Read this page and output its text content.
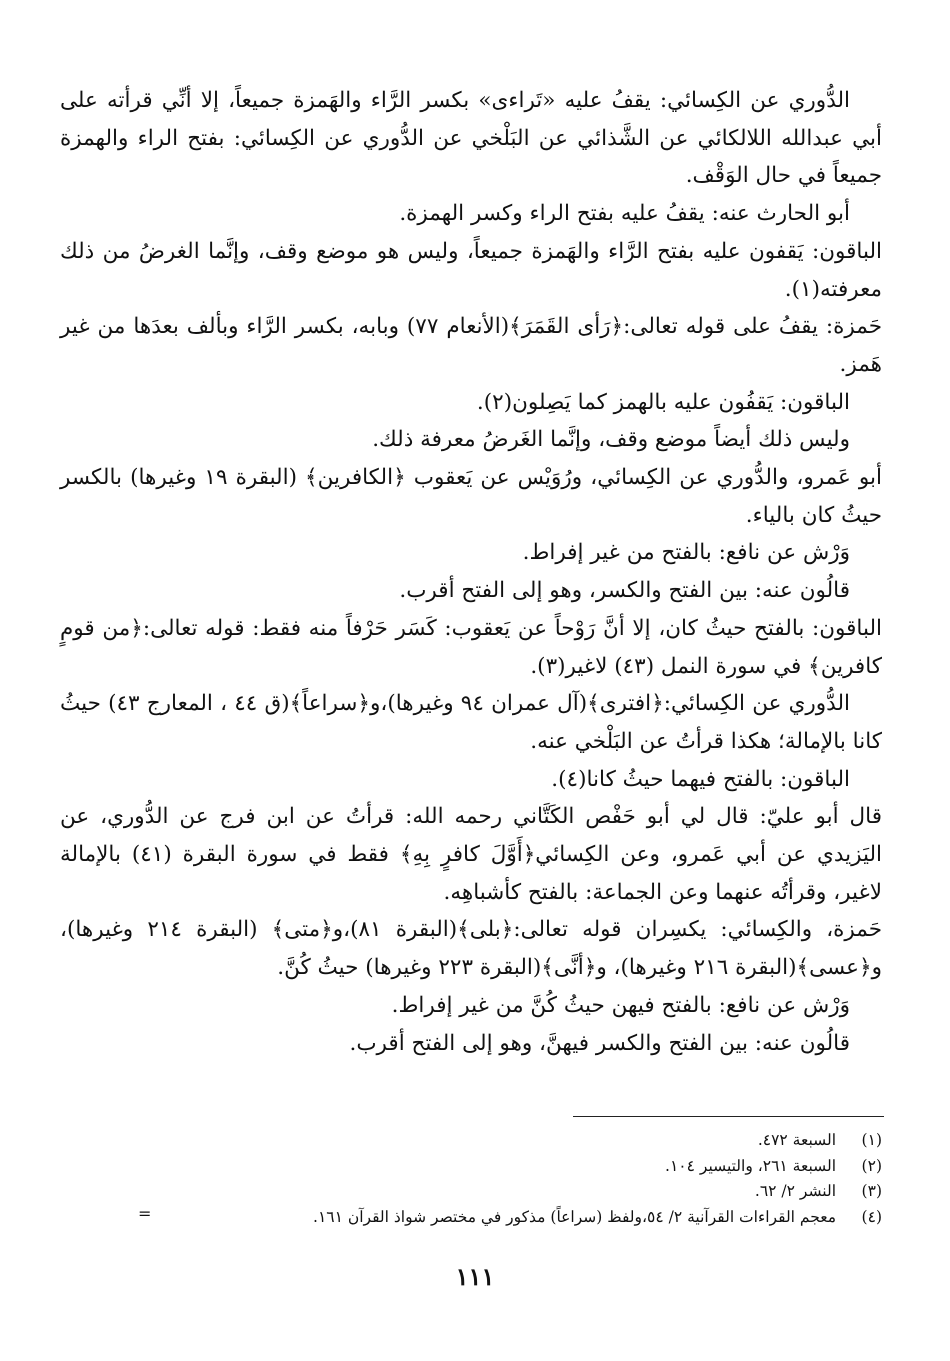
الدُّوري عن الكِسائي: يقفُ عليه «تَراءى» بكسر الرَّاء والهَمزة جميعاً، إلا أنِّي قرأته على أبي عبدالله اللالكائي عن الشَّذائي عن البَلْخي عن الدُّوري عن الكِسائي: بفتح الراء والهمزة جميعاً في حال الوَقْف.

أبو الحارث عنه: يقفُ عليه بفتح الراء وكسر الهمزة.

الباقون: يَقفون عليه بفتح الرَّاء والهَمزة جميعاً، وليس هو موضع وقف، وإنَّما الغرضُ من ذلك معرفته(١).

حَمزة: يقفُ على قوله تعالى:﴿رَأى القَمَرَ﴾(الأنعام ٧٧) وبابه، بكسر الرَّاء وبألف بعدَها من غير هَمز.

الباقون: يَقفُون عليه بالهمز كما يَصِلون(٢).

وليس ذلك أيضاً موضع وقف، وإنَّما الغَرضُ معرفة ذلك.

أبو عَمرو، والدُّوري عن الكِسائي، ورُوَيْس عن يَعقوب ﴿الكافرين﴾ (البقرة ١٩ وغيرها) بالكسر حيثُ كان بالياء.

وَرْش عن نافع: بالفتح من غير إفراط.

قالُون عنه: بين الفتح والكسر، وهو إلى الفتح أقرب.

الباقون: بالفتح حيثُ كان، إلا أنَّ رَوْحاً عن يَعقوب: كَسَر حَرْفاً منه فقط: قوله تعالى:﴿من قومٍ كافرين﴾ في سورة النمل (٤٣) لاغير(٣).

الدُّوري عن الكِسائي:﴿افترى﴾(آل عمران ٩٤ وغيرها)،و﴿سراعاً﴾(ق ٤٤ ، المعارج ٤٣) حيثُ كانا بالإمالة؛ هكذا قرأتُ عن البَلْخي عنه.

الباقون: بالفتح فيهما حيثُ كانا(٤).

قال أبو عليّ: قال لي أبو حَفْص الكَتَّاني رحمه الله: قرأتُ عن ابن فرج عن الدُّوري، عن اليَزيدي عن أبي عَمرو، وعن الكِسائي﴿أَوَّلَ كافرٍ بِهِ﴾ فقط في سورة البقرة (٤١) بالإمالة لاغير، وقرأتُه عنهما وعن الجماعة: بالفتح كأشباهِه.

حَمزة، والكِسائي: يكسِران قوله تعالى:﴿بلى﴾(البقرة ٨١)،و﴿متى﴾ (البقرة ٢١٤ وغيرها)، و﴿عسى﴾(البقرة ٢١٦ وغيرها)، و﴿أنَّى﴾(البقرة ٢٢٣ وغيرها) حيثُ كُنَّ.

وَرْش عن نافع: بالفتح فيهن حيثُ كُنَّ من غير إفراط.

قالُون عنه: بين الفتح والكسر فيهنَّ، وهو إلى الفتح أقرب.

(١)
السبعة ٤٧٢.
(٢)
السبعة ٢٦١، والتيسير ١٠٤.
(٣)
النشر ٢/ ٦٢.
(٤)
معجم القراءات القرآنية ٢/ ٥٤،ولفظ (سراعاً) مذكور في مختصر شواذ القرآن ١٦١.
=
١١١
